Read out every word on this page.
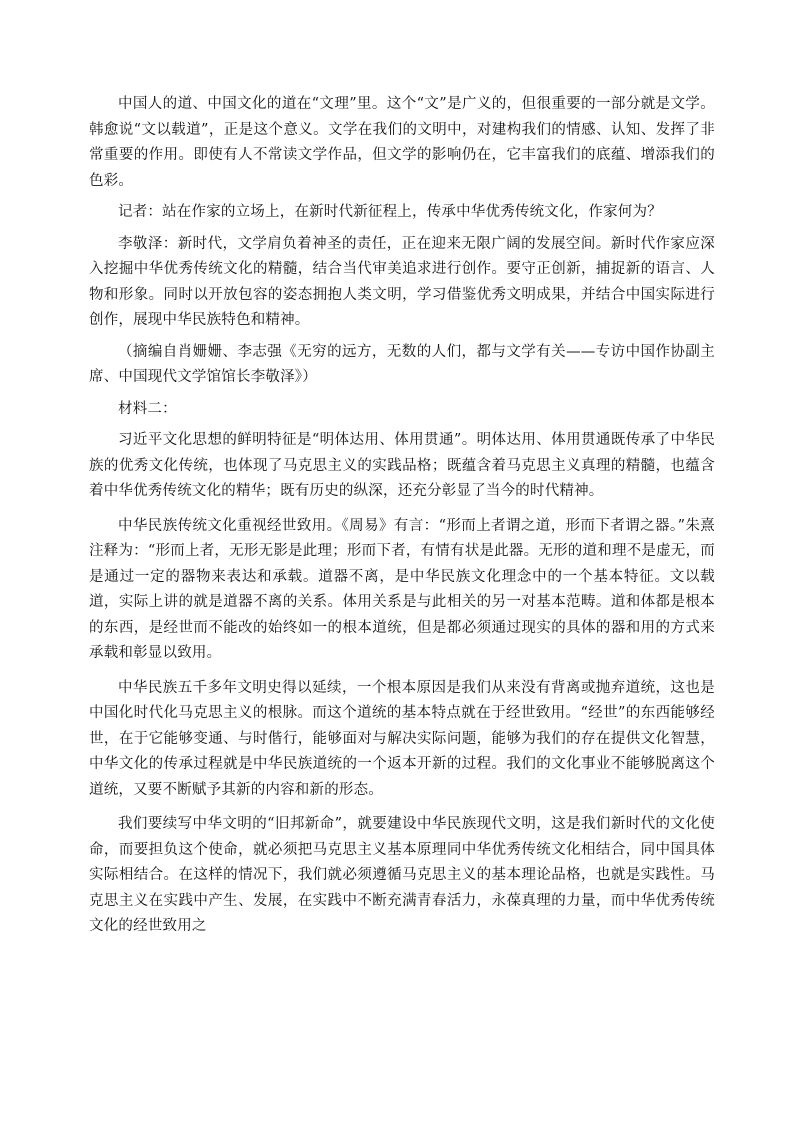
中国人的道、中国文化的道在“文理”里。这个“文”是广义的，但很重要的一部分就是文学。韩愈说“文以载道”，正是这个意义。文学在我们的文明中，对建构我们的情感、认知、发挥了非常重要的作用。即使有人不常读文学作品，但文学的影响仍在，它丰富我们的底蕴、增添我们的色彩。

记者：站在作家的立场上，在新时代新征程上，传承中华优秀传统文化，作家何为？

李敬泽：新时代，文学肩负着神圣的责任，正在迎来无限广阔的发展空间。新时代作家应深入挖掘中华优秀传统文化的精髓，结合当代审美追求进行创作。要守正创新，捕捉新的语言、人物和形象。同时以开放包容的姿态拥抱人类文明，学习借鉴优秀文明成果，并结合中国实际进行创作，展现中华民族特色和精神。

（摘编自肖姗姗、李志强《无穷的远方，无数的人们，都与文学有关——专访中国作协副主席、中国现代文学馆馆长李敬泽》）

材料二：

习近平文化思想的鲜明特征是“明体达用、体用贯通”。明体达用、体用贯通既传承了中华民族的优秀文化传统，也体现了马克思主义的实践品格；既蕴含着马克思主义真理的精髓，也蕴含着中华优秀传统文化的精华；既有历史的纵深，还充分彰显了当今的时代精神。

中华民族传统文化重视经世致用。《周易》有言：“形而上者谓之道，形而下者谓之器。”朱熹注释为：“形而上者，无形无影是此理；形而下者，有情有状是此器。无形的道和理不是虚无，而是通过一定的器物来表达和承载。道器不离，是中华民族文化理念中的一个基本特征。文以载道，实际上讲的就是道器不离的关系。体用关系是与此相关的另一对基本范畴。道和体都是根本的东西，是经世而不能改的始终如一的根本道统，但是都必须通过现实的具体的器和用的方式来承载和彰显以致用。

中华民族五千多年文明史得以延续，一个根本原因是我们从来没有背离或抛弃道统，这也是中国化时代化马克思主义的根脉。而这个道统的基本特点就在于经世致用。“经世”的东西能够经世，在于它能够变通、与时偕行，能够面对与解决实际问题，能够为我们的存在提供文化智慧，中华文化的传承过程就是中华民族道统的一个返本开新的过程。我们的文化事业不能够脱离这个道统，又要不断赋予其新的内容和新的形态。

我们要续写中华文明的“旧邦新命”，就要建设中华民族现代文明，这是我们新时代的文化使命，而要担负这个使命，就必须把马克思主义基本原理同中华优秀传统文化相结合，同中国具体实际相结合。在这样的情况下，我们就必须遵循马克思主义的基本理论品格，也就是实践性。马克思主义在实践中产生、发展，在实践中不断充满青春活力，永葆真理的力量，而中华优秀传统文化的经世致用之
